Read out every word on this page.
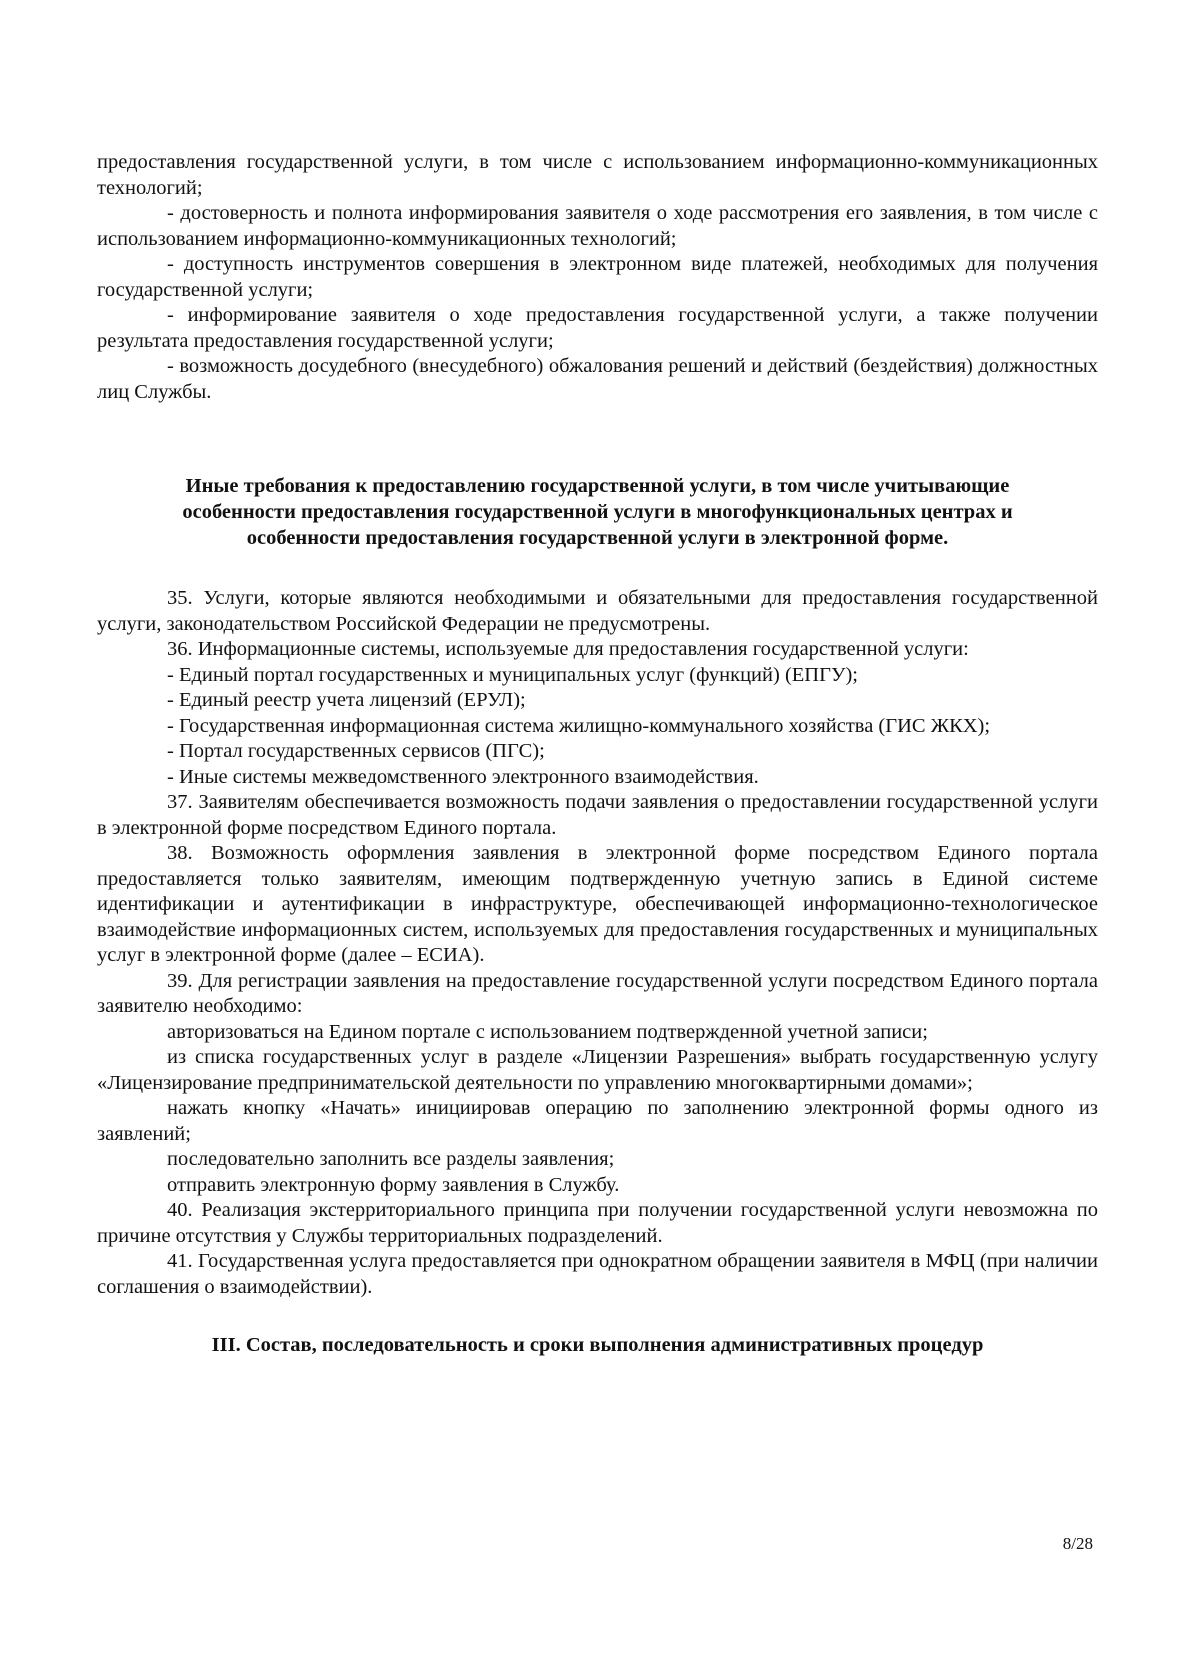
предоставления государственной услуги, в том числе с использованием информационно-коммуникационных технологий;

- достоверность и полнота информирования заявителя о ходе рассмотрения его заявления, в том числе с использованием информационно-коммуникационных технологий;

- доступность инструментов совершения в электронном виде платежей, необходимых для получения государственной услуги;

- информирование заявителя о ходе предоставления государственной услуги, а также получении результата предоставления государственной услуги;

- возможность досудебного (внесудебного) обжалования решений и действий (бездействия) должностных лиц Службы.

Иные требования к предоставлению государственной услуги, в том числе учитывающие
особенности предоставления государственной услуги в многофункциональных центрах и
особенности предоставления государственной услуги в электронной форме.

35. Услуги, которые являются необходимыми и обязательными для предоставления государственной услуги, законодательством Российской Федерации не предусмотрены.

36. Информационные системы, используемые для предоставления государственной услуги:

- Единый портал государственных и муниципальных услуг (функций) (ЕПГУ);

- Единый реестр учета лицензий (ЕРУЛ);

- Государственная информационная система жилищно-коммунального хозяйства (ГИС ЖКХ);

- Портал государственных сервисов (ПГС);

- Иные системы межведомственного электронного взаимодействия.

37. Заявителям обеспечивается возможность подачи заявления о предоставлении государственной услуги в электронной форме посредством Единого портала.

38. Возможность оформления заявления в электронной форме посредством Единого портала предоставляется только заявителям, имеющим подтвержденную учетную запись в Единой системе идентификации и аутентификации в инфраструктуре, обеспечивающей информационно-технологическое взаимодействие информационных систем, используемых для предоставления государственных и муниципальных услуг в электронной форме (далее – ЕСИА).

39. Для регистрации заявления на предоставление государственной услуги посредством Единого портала заявителю необходимо:

авторизоваться на Едином портале с использованием подтвержденной учетной записи;

из списка государственных услуг в разделе «Лицензии Разрешения» выбрать государственную услугу «Лицензирование предпринимательской деятельности по управлению многоквартирными домами»;

нажать кнопку «Начать» инициировав операцию по заполнению электронной формы одного из заявлений;

последовательно заполнить все разделы заявления;

отправить электронную форму заявления в Службу.

40. Реализация экстерриториального принципа при получении государственной услуги невозможна по причине отсутствия у Службы территориальных подразделений.

41. Государственная услуга предоставляется при однократном обращении заявителя в МФЦ (при наличии соглашения о взаимодействии).

III. Состав, последовательность и сроки выполнения административных процедур
8/28
